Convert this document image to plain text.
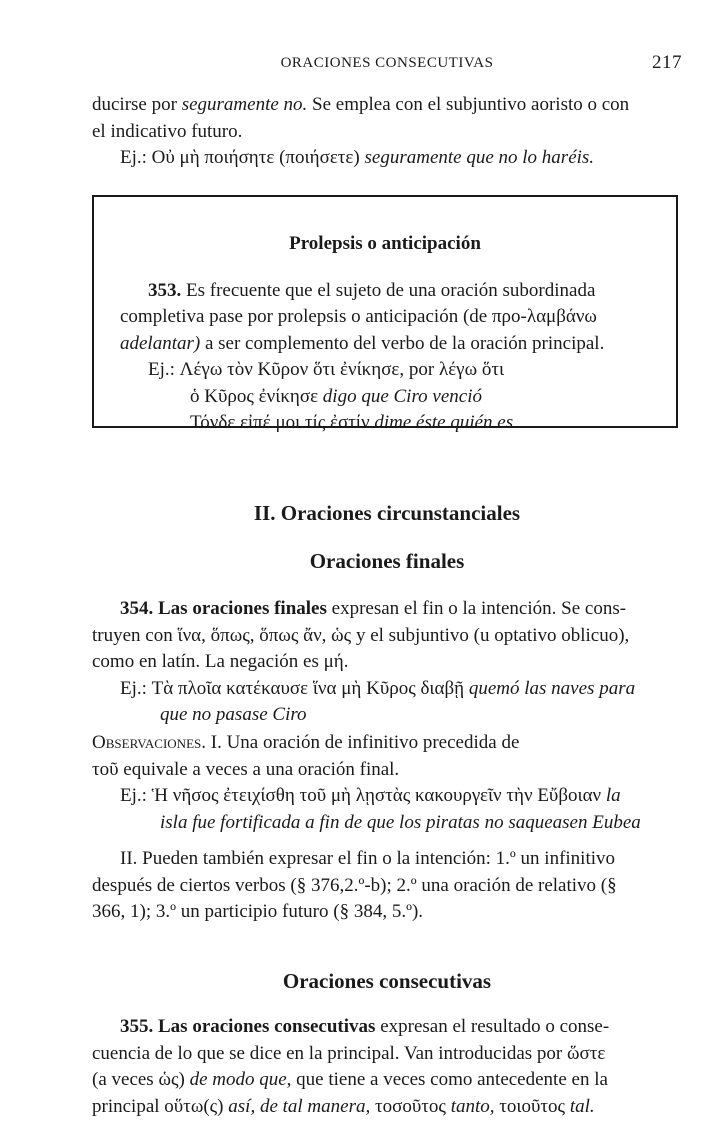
ORACIONES CONSECUTIVAS	217

ducirse por seguramente no. Se emplea con el subjuntivo aoristo o con

el indicativo futuro.

Ej.: Οὐ μὴ ποιήσητε (ποιήσετε) seguramente que no lo haréis.

Prolepsis o anticipación

353. Es frecuente que el sujeto de una oración subordinada

completiva pase por prolepsis o anticipación (de προ-λαμβάνω

adelantar) a ser complemento del verbo de la oración principal.

Ej.: Λέγω τὸν Κῦρον ὅτι ἐνίκησε, por λέγω ὅτι

ὁ Κῦρος ἐνίκησε digo que Ciro venció

Τόνδε εἰπέ μοι τίς ἐστίν dime éste quién es

II. Oraciones circunstanciales
Oraciones finales

354. Las oraciones finales expresan el fin o la intención. Se cons-

truyen con ἵνα, ὅπως, ὅπως ἄν, ὡς y el subjuntivo (u optativo oblicuo),

como en latín. La negación es μή.

Ej.: Τὰ πλοῖα κατέκαυσε ἵνα μὴ Κῦρος διαβῇ quemó las naves para

que no pasase Ciro

Observaciones. I. Una oración de infinitivo precedida de

τοῦ equivale a veces a una oración final.

Ej.: Ἡ νῆσος ἐτειχίσθη τοῦ μὴ λῃστὰς κακουργεῖν τὴν Εὔβοιαν la

isla fue fortificada a fin de que los piratas no saqueasen Eubea

II. Pueden también expresar el fin o la intención: 1.º un infinitivo

después de ciertos verbos (§ 376,2.º-b); 2.º una oración de relativo (§

366, 1); 3.º un participio futuro (§ 384, 5.º).

Oraciones consecutivas

355. Las oraciones consecutivas expresan el resultado o conse-

cuencia de lo que se dice en la principal. Van introducidas por ὥστε

(a veces ὡς) de modo que, que tiene a veces como antecedente en la

principal οὕτω(ς) así, de tal manera, τοσοῦτος tanto, τοιοῦτος tal.
